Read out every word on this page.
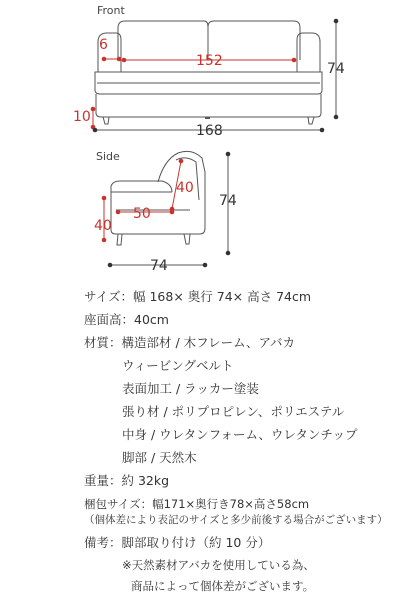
Front
6
152	74
10
168
Side
40
50
40
74
74
サイズ：幅 168× 奥行 74× 高さ 74cm
座面高：40cm
材質：構造部材 / 木フレーム、アバカ
ウィービングベルト
表面加工 / ラッカー塗装
張り材 / ポリプロピレン、ポリエステル
中身 / ウレタンフォーム、ウレタンチップ
脚部 / 天然木
重量：約 32kg
梱包サイズ：幅171×奥行き78×高さ58cm
（個体差により表記のサイズと多少前後する場合がございます）
備考：脚部取り付け（約 10 分）
※天然素材アバカを使用している為、
商品によって個体差がございます。
